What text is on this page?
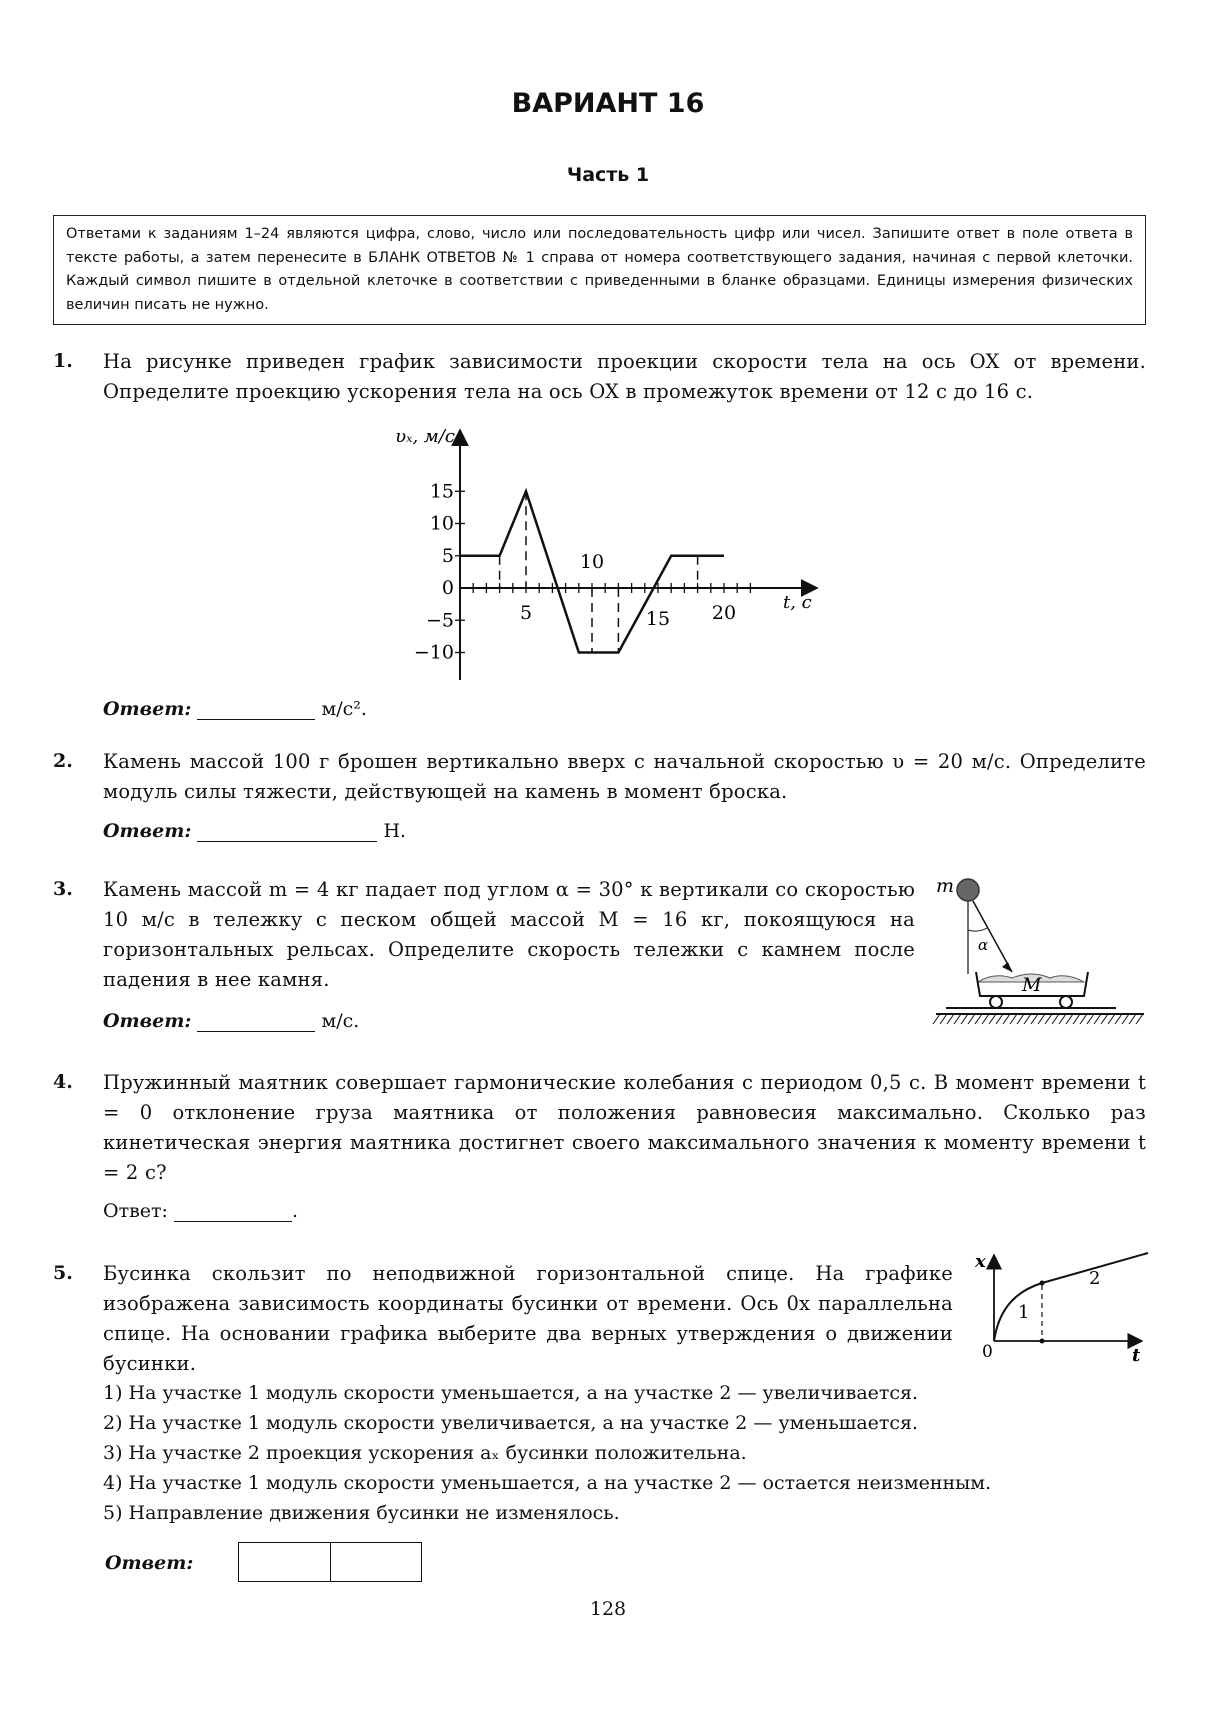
ВАРИАНТ 16
Часть 1
Ответами к заданиям 1–24 являются цифра, слово, число или последовательность цифр или чисел. Запишите ответ в поле ответа в тексте работы, а затем перенесите в БЛАНК ОТВЕТОВ № 1 справа от номера соответствующего задания, начиная с первой клеточки. Каждый символ пишите в отдельной клеточке в соответствии с приведенными в бланке образцами. Единицы измерения физических величин писать не нужно.
1. На рисунке приведен график зависимости проекции скорости тела на ось OX от времени. Определите проекцию ускорения тела на ось OX в промежуток времени от 12 с до 16 с.
υₓ, м/с
t, с
15
10
5
0
−5
−10
5
10
15 20
Ответ:	м/с².
2. Камень массой 100 г брошен вертикально вверх с начальной скоростью υ = 20 м/с. Определите модуль силы тяжести, действующей на камень в момент броска.
Ответ:	Н.
3. Камень массой m = 4 кг падает под углом α = 30° к вертикали со скоростью 10 м/с в тележку с песком общей массой M = 16 кг, покоящуюся на горизонтальных рельсах. Определите скорость тележки с камнем после падения в нее камня.
Ответ:	м/с.
m
α
M
4. Пружинный маятник совершает гармонические колебания с периодом 0,5 с. В момент времени t = 0 отклонение груза маятника от положения равновесия максимально. Сколько раз кинетическая энергия маятника достигнет своего максимального значения к моменту времени t = 2 с?
Ответ:	.
5. Бусинка скользит по неподвижной горизонтальной спице. На графике изображена зависимость координаты бусинки от времени. Ось 0x параллельна спице. На основании графика выберите два верных утверждения о движении бусинки.
x
t
0
1
2
1) На участке 1 модуль скорости уменьшается, а на участке 2 — увеличивается.
2) На участке 1 модуль скорости увеличивается, а на участке 2 — уменьшается.
3) На участке 2 проекция ускорения aₓ бусинки положительна.
4) На участке 1 модуль скорости уменьшается, а на участке 2 — остается неизменным.
5) Направление движения бусинки не изменялось.
Ответ:
128
